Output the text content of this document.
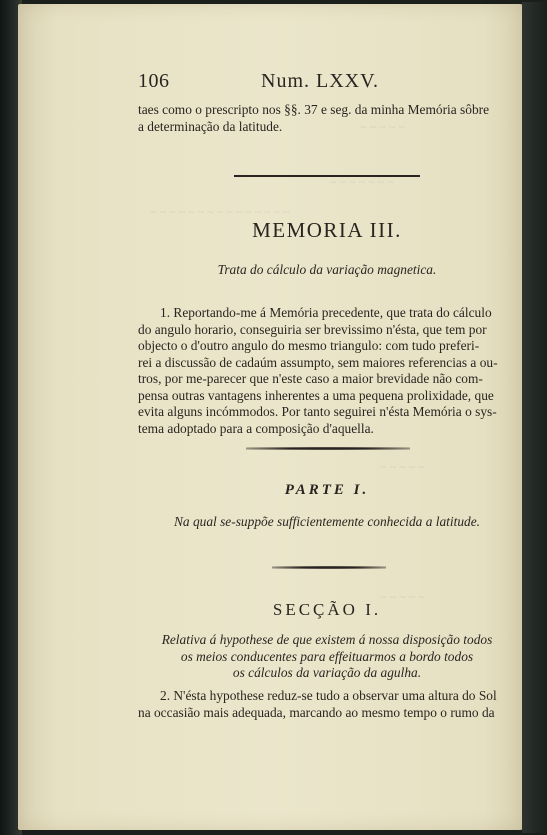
~ ~ ~ ~ ~
~ ~ ~ ~ ~ ~ ~
~ ~ ~ ~ ~ ~ ~ ~ ~ ~ ~ ~ ~ ~ ~
~ ~ ~ ~ ~
~ ~ ~ ~ ~
106	Num. LXXV.

taes como o prescripto nos §§. 37 e seg. da minha Memória sôbre

a determinação da latitude.

MEMORIA III.
Trata do cálculo da variação magnetica.

1. Reportando-me á Memória precedente, que trata do cálculo

do angulo horario, conseguiria ser brevissimo n'ésta, que tem por

objecto o d'outro angulo do mesmo triangulo: com tudo preferi-

rei a discussão de cadaúm assumpto, sem maiores referencias a ou-

tros, por me-parecer que n'este caso a maior brevidade não com-

pensa outras vantagens inherentes a uma pequena prolixidade, que

evita alguns incómmodos. Por tanto seguirei n'ésta Memória o sys-

tema adoptado para a composição d'aquella.

PARTE I.
Na qual se-suppõe sufficientemente conhecida a latitude.
SECÇÃO I.
Relativa á hypothese de que existem á nossa disposição todos
os meios conducentes para effeituarmos a bordo todos
os cálculos da variação da agulha.

2. N'ésta hypothese reduz-se tudo a observar uma altura do Sol

na occasião mais adequada, marcando ao mesmo tempo o rumo da
